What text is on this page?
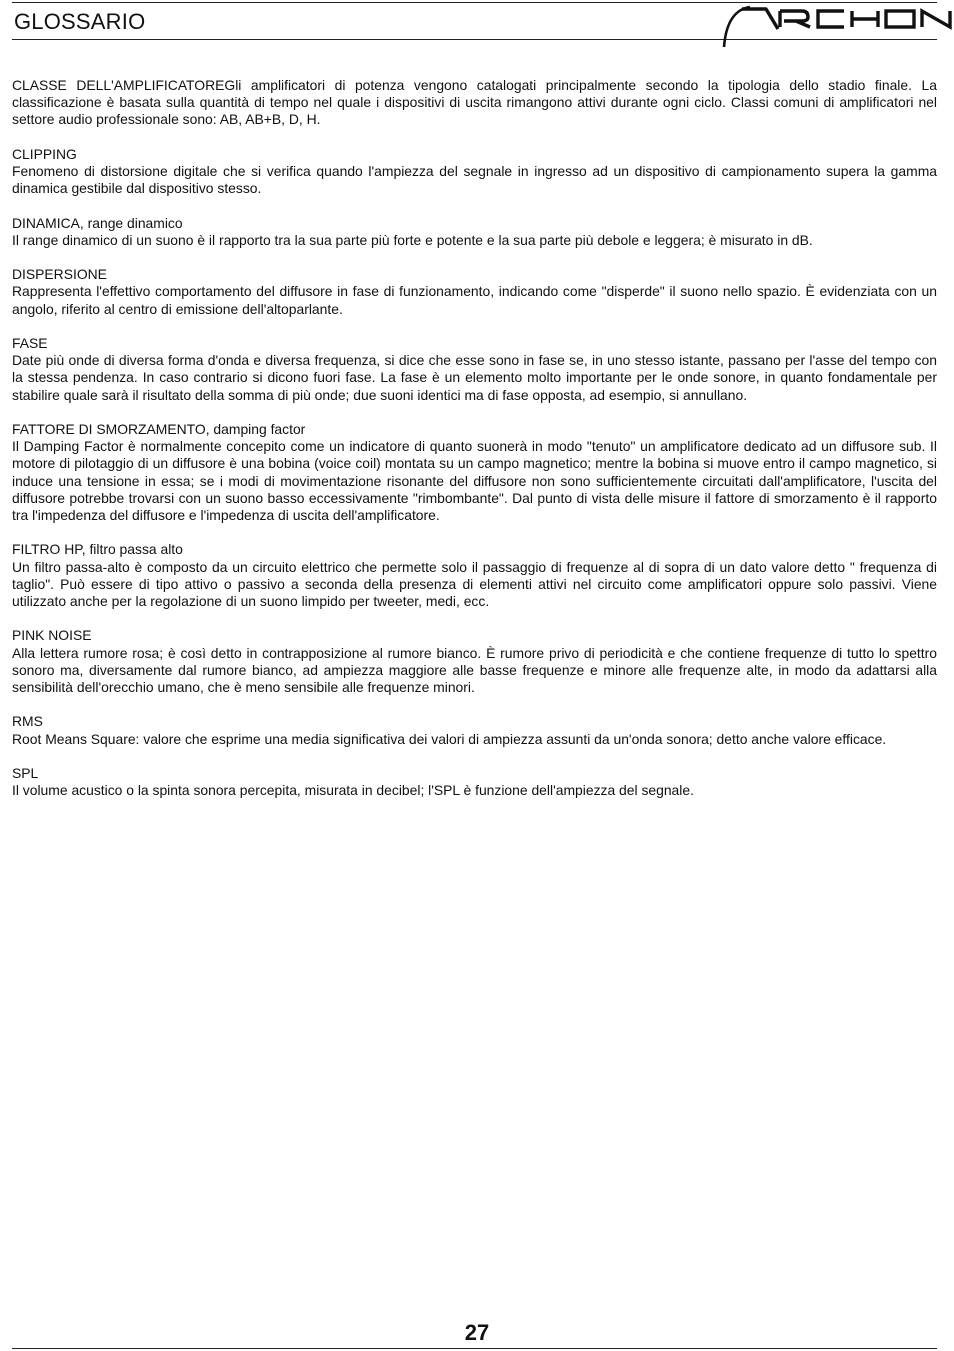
GLOSSARIO

CLASSE DELL'AMPLIFICATOREGli amplificatori di potenza vengono catalogati principalmente secondo la tipologia dello stadio finale. La classificazione è basata sulla quantità di tempo nel quale i dispositivi di uscita rimangono attivi durante ogni ciclo. Classi comuni di amplificatori nel settore audio professionale sono: AB, AB+B, D, H.

CLIPPING

Fenomeno di distorsione digitale che si verifica quando l'ampiezza del segnale in ingresso ad un dispositivo di campionamento supera la gamma dinamica gestibile dal dispositivo stesso.

DINAMICA, range dinamico

Il range dinamico di un suono è il rapporto tra la sua parte più forte e potente e la sua parte più debole e leggera; è misurato in dB.

DISPERSIONE

Rappresenta l'effettivo comportamento del diffusore in fase di funzionamento, indicando come "disperde" il suono nello spazio. È evidenziata con un angolo, riferito al centro di emissione dell'altoparlante.

FASE

Date più onde di diversa forma d'onda e diversa frequenza, si dice che esse sono in fase se, in uno stesso istante, passano per l'asse del tempo con la stessa pendenza. In caso contrario si dicono fuori fase. La fase è un elemento molto importante per le onde sonore, in quanto fondamentale per stabilire quale sarà il risultato della somma di più onde; due suoni identici ma di fase opposta, ad esempio, si annullano.

FATTORE DI SMORZAMENTO, damping factor

Il Damping Factor è normalmente concepito come un indicatore di quanto suonerà in modo "tenuto" un amplificatore dedicato ad un diffusore sub. Il motore di pilotaggio di un diffusore è una bobina (voice coil) montata su un campo magnetico; mentre la bobina si muove entro il campo magnetico, si induce una tensione in essa; se i modi di movimentazione risonante del diffusore non sono sufficientemente circuitati dall'amplificatore, l'uscita del diffusore potrebbe trovarsi con un suono basso eccessivamente "rimbombante". Dal punto di vista delle misure il fattore di smorzamento è il rapporto tra l'impedenza del diffusore e l'impedenza di uscita dell'amplificatore.

FILTRO HP, filtro passa alto

Un filtro passa-alto è composto da un circuito elettrico che permette solo il passaggio di frequenze al di sopra di un dato valore detto " frequenza di taglio". Può essere di tipo attivo o passivo a seconda della presenza di elementi attivi nel circuito come amplificatori oppure solo passivi. Viene utilizzato anche per la regolazione di un suono limpido per tweeter, medi, ecc.

PINK NOISE

Alla lettera rumore rosa; è così detto in contrapposizione al rumore bianco. È rumore privo di periodicità e che contiene frequenze di tutto lo spettro sonoro ma, diversamente dal rumore bianco, ad ampiezza maggiore alle basse frequenze e minore alle frequenze alte, in modo da adattarsi alla sensibilità dell'orecchio umano, che è meno sensibile alle frequenze minori.

RMS

Root Means Square: valore che esprime una media significativa dei valori di ampiezza assunti da un'onda sonora; detto anche valore efficace.

SPL

Il volume acustico o la spinta sonora percepita, misurata in decibel; l'SPL è funzione dell'ampiezza del segnale.

27
